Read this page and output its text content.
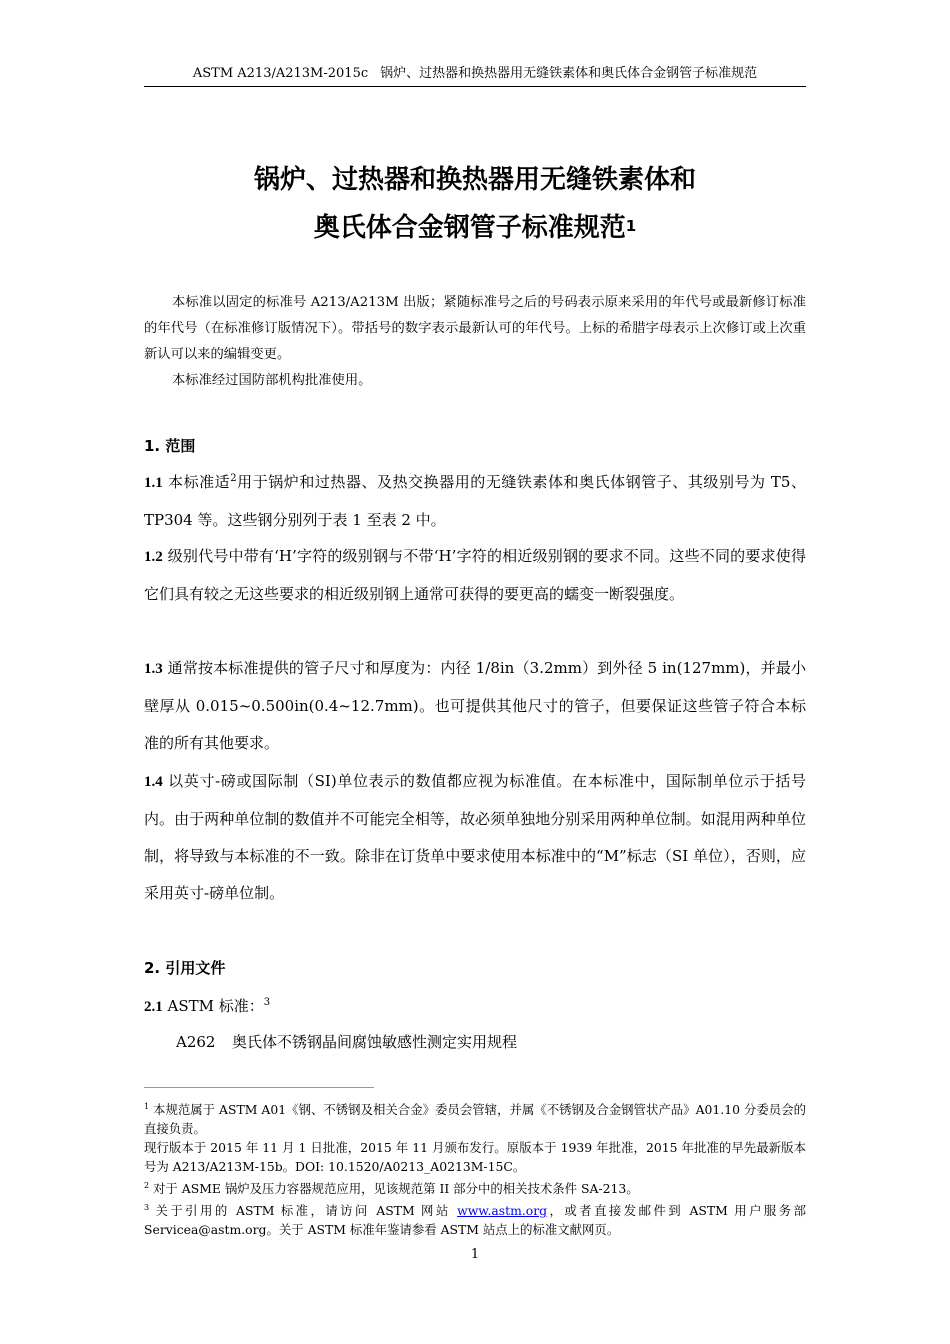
ASTM A213/A213M-2015c 锅炉、过热器和换热器用无缝铁素体和奥氏体合金钢管子标准规范
锅炉、过热器和换热器用无缝铁素体和
奥氏体合金钢管子标准规范$^1$

本标准以固定的标准号 A213/A213M 出版；紧随标准号之后的号码表示原来采用的年代号或最新修订标准的年代号（在标准修订版情况下）。带括号的数字表示最新认可的年代号。上标的希腊字母表示上次修订或上次重新认可以来的编辑变更。

本标准经过国防部机构批准使用。

1. 范围

1.1 本标准适$^2$用于锅炉和过热器、及热交换器用的无缝铁素体和奥氏体钢管子、其级别号为 T5、TP304 等。这些钢分别列于表 1 至表 2 中。

1.2 级别代号中带有‘H’字符的级别钢与不带‘H’字符的相近级别钢的要求不同。这些不同的要求使得它们具有较之无这些要求的相近级别钢上通常可获得的要更高的蠕变一断裂强度。

1.3 通常按本标准提供的管子尺寸和厚度为：内径 1/8in（3.2mm）到外径 5 in(127mm)，并最小壁厚从 0.015~0.500in(0.4~12.7mm)。也可提供其他尺寸的管子，但要保证这些管子符合本标准的所有其他要求。

1.4 以英寸-磅或国际制（SI)单位表示的数值都应视为标准值。在本标准中，国际制单位示于括号内。由于两种单位制的数值并不可能完全相等，故必须单独地分别采用两种单位制。如混用两种单位制，将导致与本标准的不一致。除非在订货单中要求使用本标准中的“M”标志（SI 单位），否则，应采用英寸-磅单位制。

2. 引用文件

2.1 ASTM 标准：$^3$

A262 奥氏体不锈钢晶间腐蚀敏感性测定实用规程

$^1$ 本规范属于 ASTM A01《钢、不锈钢及相关合金》委员会管辖，并属《不锈钢及合金钢管状产品》A01.10 分委员会的直接负责。

现行版本于 2015 年 11 月 1 日批准，2015 年 11 月颁布发行。原版本于 1939 年批准，2015 年批准的早先最新版本号为 A213/A213M-15b。DOI: 10.1520/A0213_A0213M-15C。

$^2$ 对于 ASME 锅炉及压力容器规范应用，见该规范第 II 部分中的相关技术条件 SA-213。

$^3$ 关于引用的 ASTM 标准，请访问 ASTM 网站 www.astm.org，或者直接发邮件到 ASTM 用户服务部 Servicea@astm.org。关于 ASTM 标准年鉴请参看 ASTM 站点上的标准文献网页。

1
